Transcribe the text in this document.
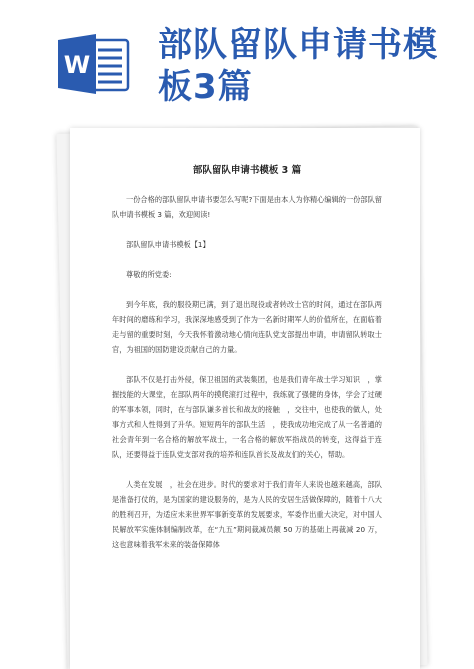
W 部队留队申请书模板3篇
部队留队申请书模板 3 篇

一份合格的部队留队申请书要怎么写呢?下面是由本人为你精心编辑的一份部队留队申请书模板 3 篇，欢迎阅读!

部队留队申请书模板【1】

尊敬的所党委:

到今年底，我的服役期已满，到了退出现役或者转改士官的时间，通过在部队两年时间的磨练和学习，我深深地感受到了作为一名新时期军人的价值所在，在面临着走与留的重要时刻，今天我怀着激动地心情向连队党支部提出申请，申请留队转取士官，为祖国的国防建设贡献自己的力量。

部队不仅是打击外侵，保卫祖国的武装集团，也是我们青年战士学习知识　，掌握技能的大课堂，在部队两年的摸爬滚打过程中，我练就了强健的身体，学会了过硬的军事本领，同时，在与部队谦多首长和战友的接触　，交往中，也使我的做人，处事方式和人性得到了升华。短短两年的部队生活　，使我成功地完成了从一名普通的社会青年到一名合格的解放军战士，一名合格的解放军指战员的转变，这得益于连队，还要得益于连队党支部对我的培养和连队首长及战友们的关心，帮助。

人类在发展　，社会在进步。时代的要求对于我们青年人来说也越来越高，部队是准备打仗的，是为国家的建设服务的，是为人民的安居生活做保障的，随着十八大的胜利召开，为适应未来世界军事新变革的发展要求，军委作出重大决定，对中国人民解放军实施体制编制改革，在“九五”期间裁减员额 50 万的基础上再裁减 20 万，这也意味着我军未来的装备保障体
